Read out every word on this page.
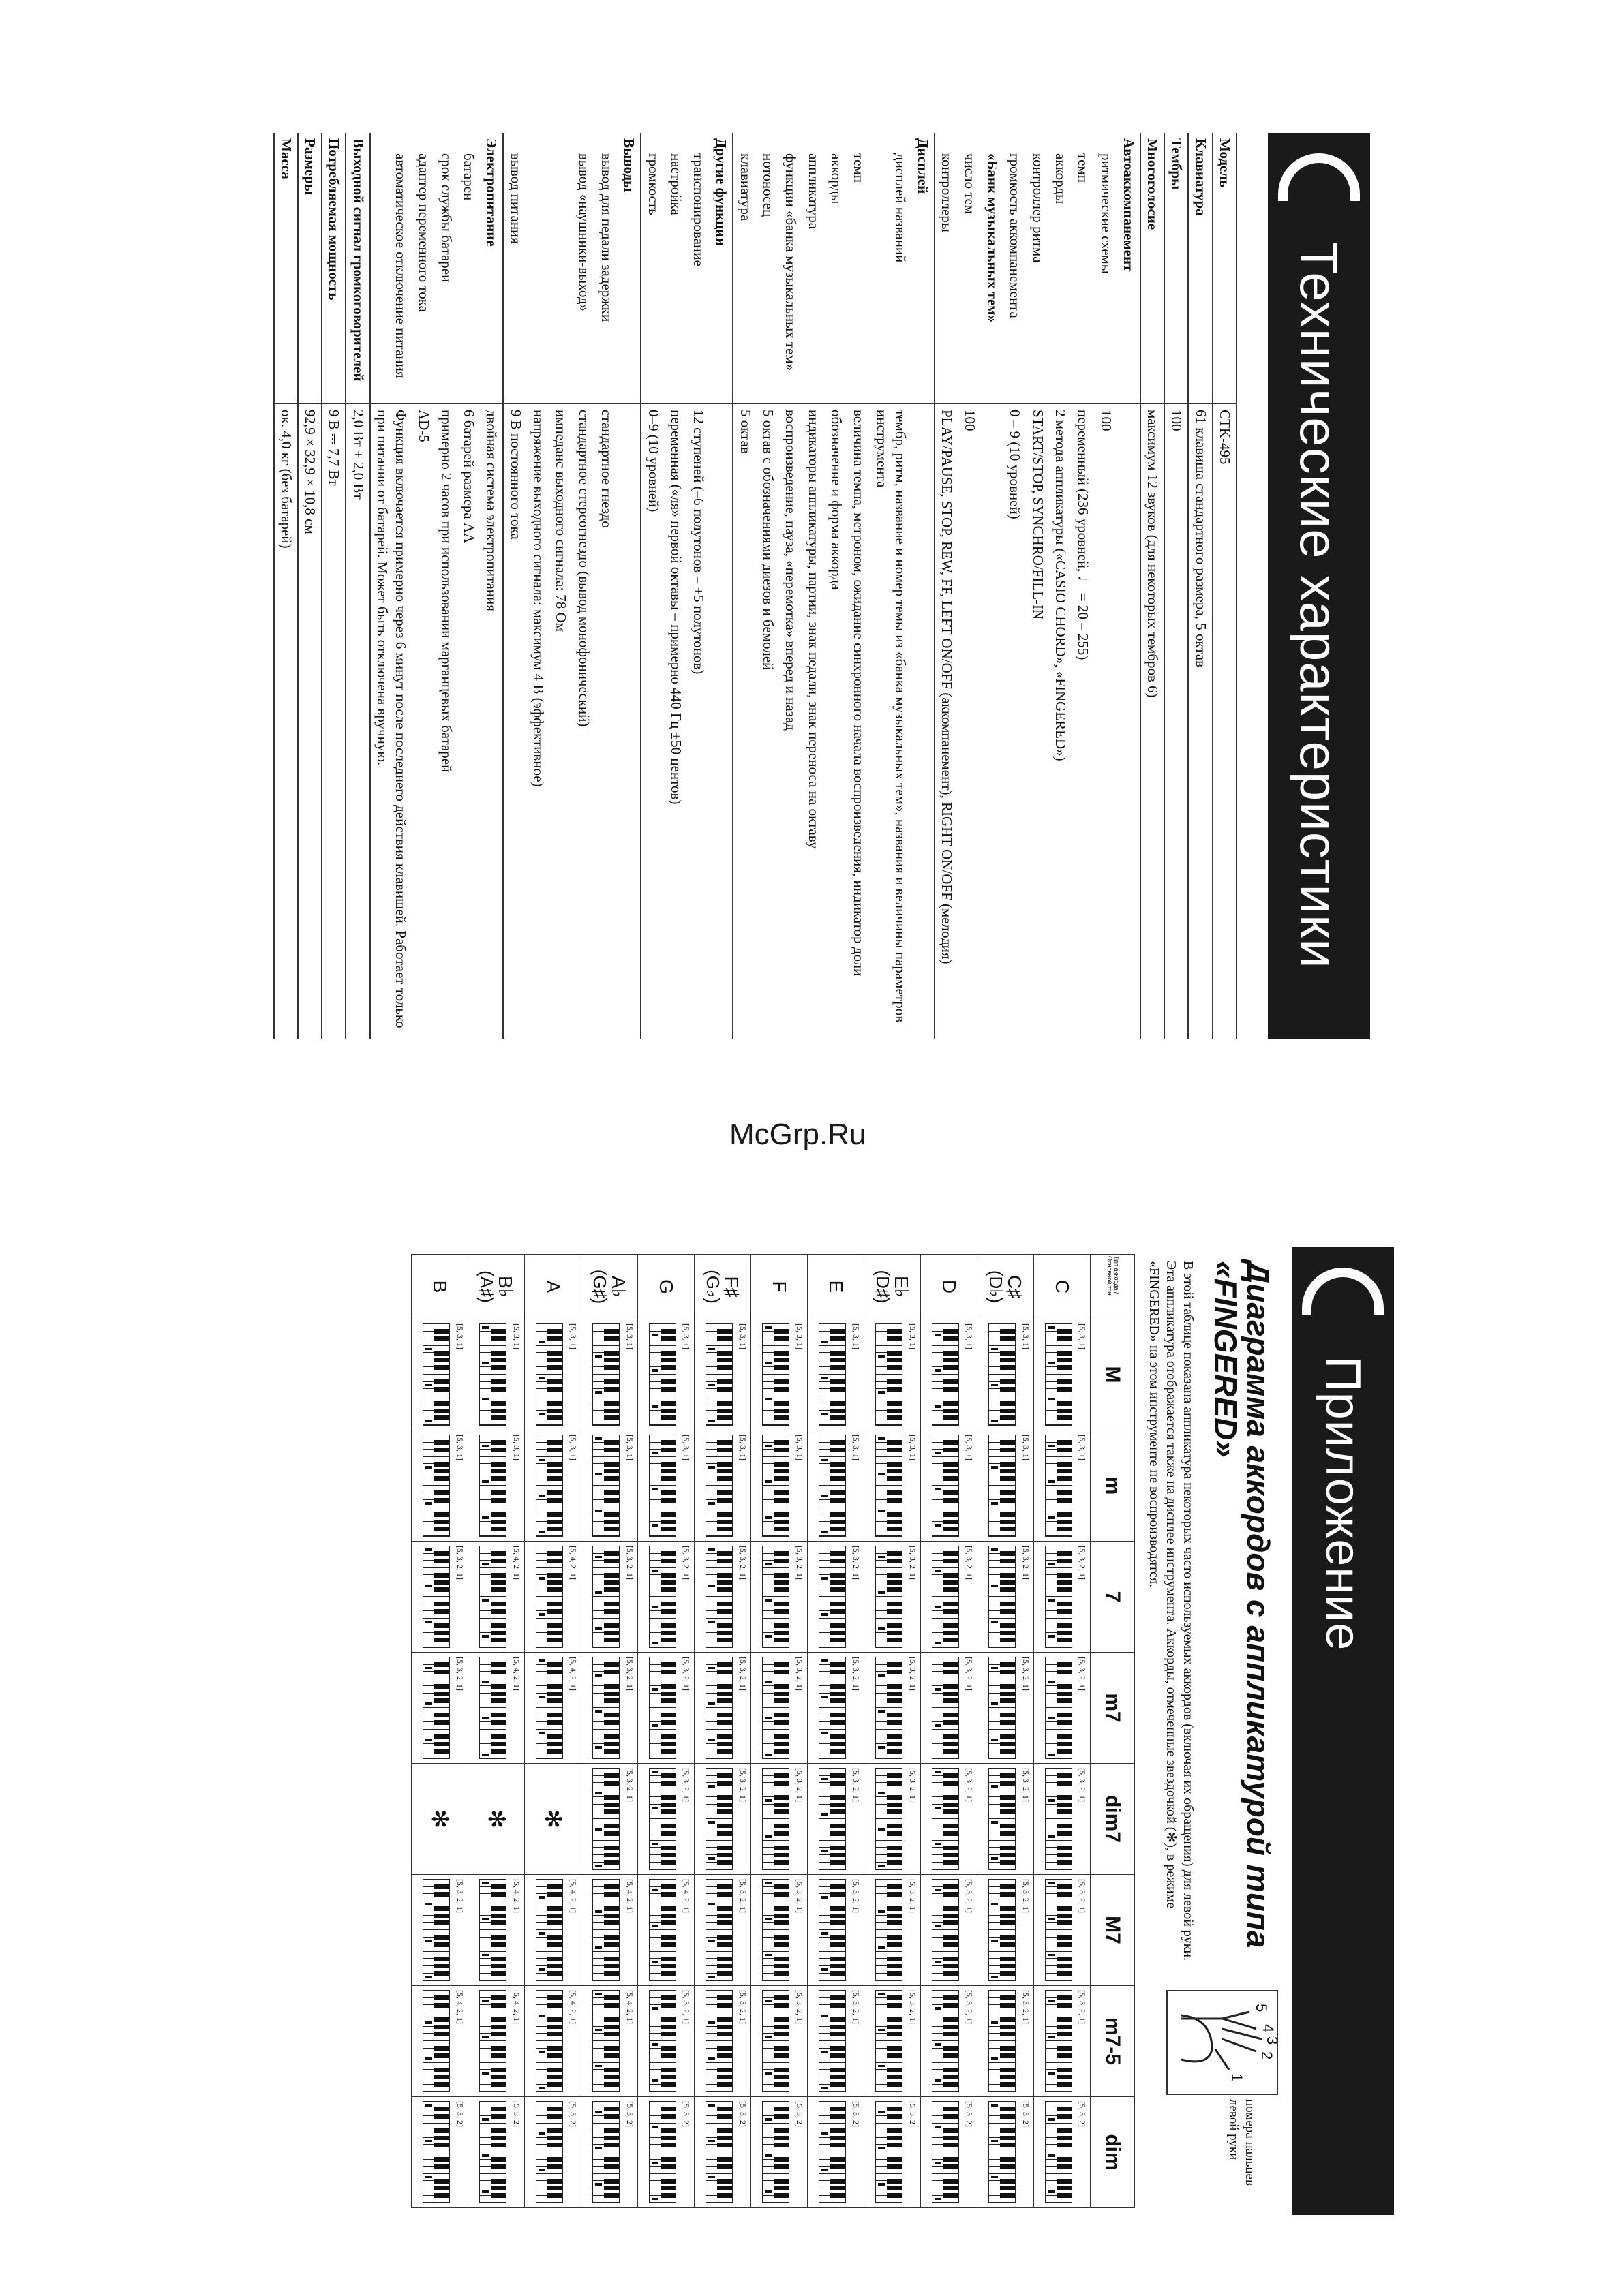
Технические характеристики
Модель	CTK-495
Клавиатура	61 клавиша стандартного размера, 5 октав
Тембры	100
Многоголосие	максимум 12 звуков (для некоторых тембров 6)
Автоаккомпанемент	
ритмические схемы	100
темп	переменный (236 уровней, ♩ = 20 – 255)
аккорды	2 метода аппликатуры («CASIO CHORD», «FINGERED»)
контроллер ритма	START/STOP, SYNCHRO/FILL-IN
громкость аккомпанемента	0 – 9 (10 уровней)
«Банк музыкальных тем»	
число тем	100
контроллеры	PLAY/PAUSE, STOP, REW, FF, LEFT ON/OFF (аккомпанемент), RIGHT ON/OFF (мелодия)
Дисплей	
дисплей названий	тембр, ритм, название и номер темы из «банка музыкальных тем», названия и величины параметров инструмента
темп	величина темпа, метроном, ожидание синхронного начала воспроизведения, индикатор доли
аккорды	обозначение и форма аккорда
аппликатура	индикаторы аппликатуры, партии, знак педали, знак переноса на октаву
функции «банка музыкальных тем»	воспроизведение, пауза, «перемотка» вперед и назад
нотоносец	5 октав с обозначениями диезов и бемолей
клавиатура	5 октав
Другие функции	
транспонирование	12 ступеней (–6 полутонов – +5 полутонов)
настройка	переменная («ля» первой октавы – примерно 440 Гц ±50 центов)
громкость	0–9 (10 уровней)
Выводы	
вывод для педали задержки	стандартное гнездо
вывод «наушники-выход»	стандартное стереогнездо (вывод монофонический)
	импеданс выходного сигнала: 78 Ом
	напряжение выходного сигнала: максимум 4 В (эффективное)
вывод питания	9 В постоянного тока
Электропитание	двойная система электропитания
батареи	6 батарей размера АА
срок службы батареи	примерно 2 часов при использовании марганцевых батарей
адаптер переменного тока	AD-5
автоматическое отключение питания	Функция включается примерно через 6 минут после последнего действия клавишей. Работает только при питании от батарей. Может быть отключена вручную.
Выходной сигнал громкоговорителей	2,0 Вт + 2,0 Вт
Потребляемая мощность	9 В ⎓ 7,7 Вт
Размеры	92,9 × 32,9 × 10,8 см
Масса	ок. 4,0 кг (без батарей)
McGrp.Ru
Приложение
Диаграмма аккордов с аппликатурой типа
«FINGERED»
В этой таблице показана аппликатура некоторых часто используемых аккордов (включая их обращения) для левой руки. Эта аппликатура отображается также на дисплее инструмента. Аккорды, отмеченные звездочкой (✻), в режиме «FINGERED» на этом инструменте не воспроизводятся.
5
4
3
2
1
номера пальцев левой руки
Тип аккорда / Основной тон	M	m	7	m7	dim7	M7	m7-5	dim
C	[5, 3, 1]	[5, 3, 1]	[5, 3, 2, 1]	[5, 3, 2, 1]	[5, 3, 2, 1]	[5, 3, 2, 1]	[5, 3, 2, 1]	[5, 3, 2]

C♯
(D♭)	[5, 3, 1]	[5, 3, 1]	[5, 3, 2, 1]	[5, 3, 2, 1]	[5, 3, 2, 1]	[5, 3, 2, 1]	[5, 3, 2, 1]	[5, 3, 2]

D	[5, 3, 1]	[5, 3, 1]	[5, 3, 2, 1]	[5, 3, 2, 1]	[5, 3, 2, 1]	[5, 3, 2, 1]	[5, 3, 2, 1]	[5, 3, 2]

E♭
(D♯)	[5, 3, 1]	[5, 3, 1]	[5, 3, 2, 1]	[5, 3, 2, 1]	[5, 3, 2, 1]	[5, 3, 2, 1]	[5, 3, 2, 1]	[5, 3, 2]

E	[5, 3, 1]	[5, 3, 1]	[5, 3, 2, 1]	[5, 3, 2, 1]	[5, 3, 2, 1]	[5, 3, 2, 1]	[5, 3, 2, 1]	[5, 3, 2]

F	[5, 3, 1]	[5, 3, 1]	[5, 3, 2, 1]	[5, 3, 2, 1]	[5, 3, 2, 1]	[5, 3, 2, 1]	[5, 3, 2, 1]	[5, 3, 2]

F♯
(G♭)	[5, 3, 1]	[5, 3, 1]	[5, 3, 2, 1]	[5, 3, 2, 1]	[5, 3, 2, 1]	[5, 3, 2, 1]	[5, 3, 2, 1]	[5, 3, 2]

G	[5, 3, 1]	[5, 3, 1]	[5, 3, 2, 1]	[5, 3, 2, 1]	[5, 3, 2, 1]	[5, 4, 2, 1]	[5, 3, 2, 1]	[5, 3, 2]

A♭
(G♯)	[5, 3, 1]	[5, 3, 1]	[5, 3, 2, 1]	[5, 3, 2, 1]	[5, 3, 2, 1]	[5, 4, 2, 1]	[5, 4, 2, 1]	[5, 3, 2]

A	[5, 3, 1]	[5, 3, 1]	[5, 4, 2, 1]	[5, 4, 2, 1]	✻	[5, 4, 2, 1]	[5, 4, 2, 1]	[5, 3, 2]

B♭
(A♯)	[5, 3, 1]	[5, 3, 1]	[5, 4, 2, 1]	[5, 4, 2, 1]	✻	[5, 4, 2, 1]	[5, 4, 2, 1]	[5, 3, 2]

B	[5, 3, 1]	[5, 3, 1]	[5, 3, 2, 1]	[5, 3, 2, 1]	✻	[5, 3, 2, 1]	[5, 4, 2, 1]	[5, 3, 2]
